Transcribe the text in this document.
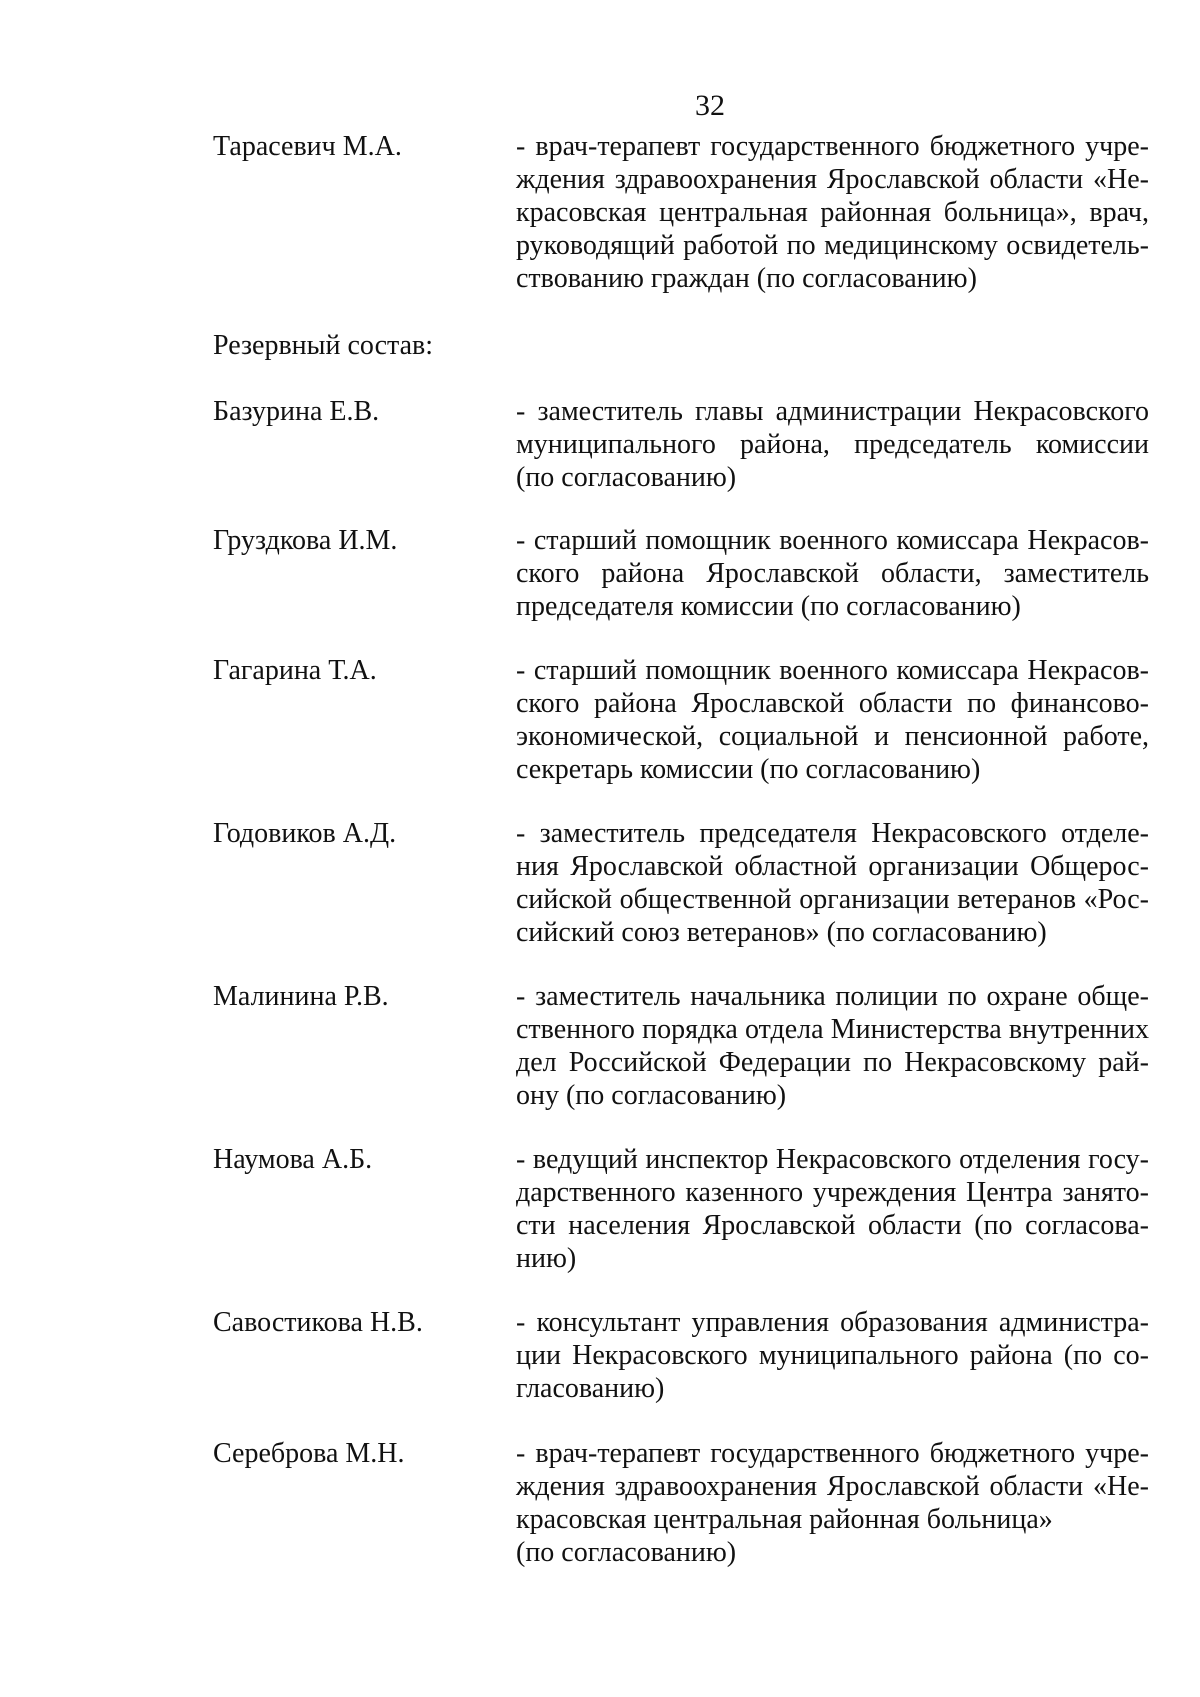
32
Тарасевич М.А.	- врач-терапевт государственного бюджетного учре-
ждения здравоохранения Ярославской области «Не-
красовская центральная районная больница», врач,
руководящий работой по медицинскому освидетель-
ствованию граждан (по согласованию)
Резервный состав:
Базурина Е.В.	- заместитель главы администрации Некрасовского
муниципального района, председатель комиссии
(по согласованию)
Груздкова И.М.	- старший помощник военного комиссара Некрасов-
ского района Ярославской области, заместитель
председателя комиссии (по согласованию)
Гагарина Т.А.	- старший помощник военного комиссара Некрасов-
ского района Ярославской области по финансово-
экономической, социальной и пенсионной работе,
секретарь комиссии (по согласованию)
Годовиков А.Д.	- заместитель председателя Некрасовского отделе-
ния Ярославской областной организации Общерос-
сийской общественной организации ветеранов «Рос-
сийский союз ветеранов» (по согласованию)
Малинина Р.В.	- заместитель начальника полиции по охране обще-
ственного порядка отдела Министерства внутренних
дел Российской Федерации по Некрасовскому рай-
ону (по согласованию)
Наумова А.Б.	- ведущий инспектор Некрасовского отделения госу-
дарственного казенного учреждения Центра занято-
сти населения Ярославской области (по согласова-
нию)
Савостикова Н.В.	- консультант управления образования администра-
ции Некрасовского муниципального района (по со-
гласованию)
Сереброва М.Н.	- врач-терапевт государственного бюджетного учре-
ждения здравоохранения Ярославской области «Не-
красовская центральная районная больница»
(по согласованию)
